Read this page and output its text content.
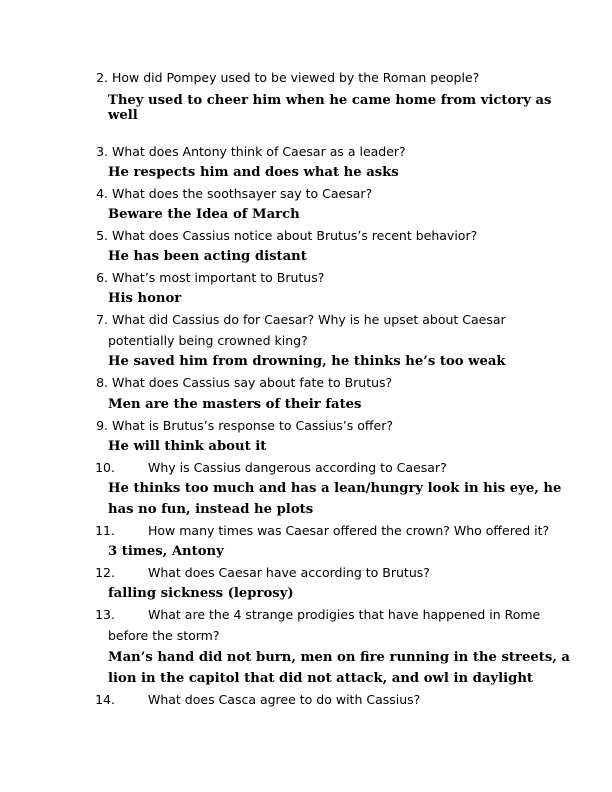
2. How did Pompey used to be viewed by the Roman people?
They used to cheer him when he came home from victory as
well
3. What does Antony think of Caesar as a leader?
He respects him and does what he asks
4. What does the soothsayer say to Caesar?
Beware the Idea of March
5. What does Cassius notice about Brutus’s recent behavior?
He has been acting distant
6. What’s most important to Brutus?
His honor
7. What did Cassius do for Caesar? Why is he upset about Caesar
potentially being crowned king?
He saved him from drowning, he thinks he’s too weak
8. What does Cassius say about fate to Brutus?
Men are the masters of their fates
9. What is Brutus’s response to Cassius’s offer?
He will think about it
10.	Why is Cassius dangerous according to Caesar?
He thinks too much and has a lean/hungry look in his eye, he
has no fun, instead he plots
11.	How many times was Caesar offered the crown? Who offered it?
3 times, Antony
12.	What does Caesar have according to Brutus?
falling sickness (leprosy)
13.	What are the 4 strange prodigies that have happened in Rome
before the storm?
Man’s hand did not burn, men on fire running in the streets, a
lion in the capitol that did not attack, and owl in daylight
14.	What does Casca agree to do with Cassius?
